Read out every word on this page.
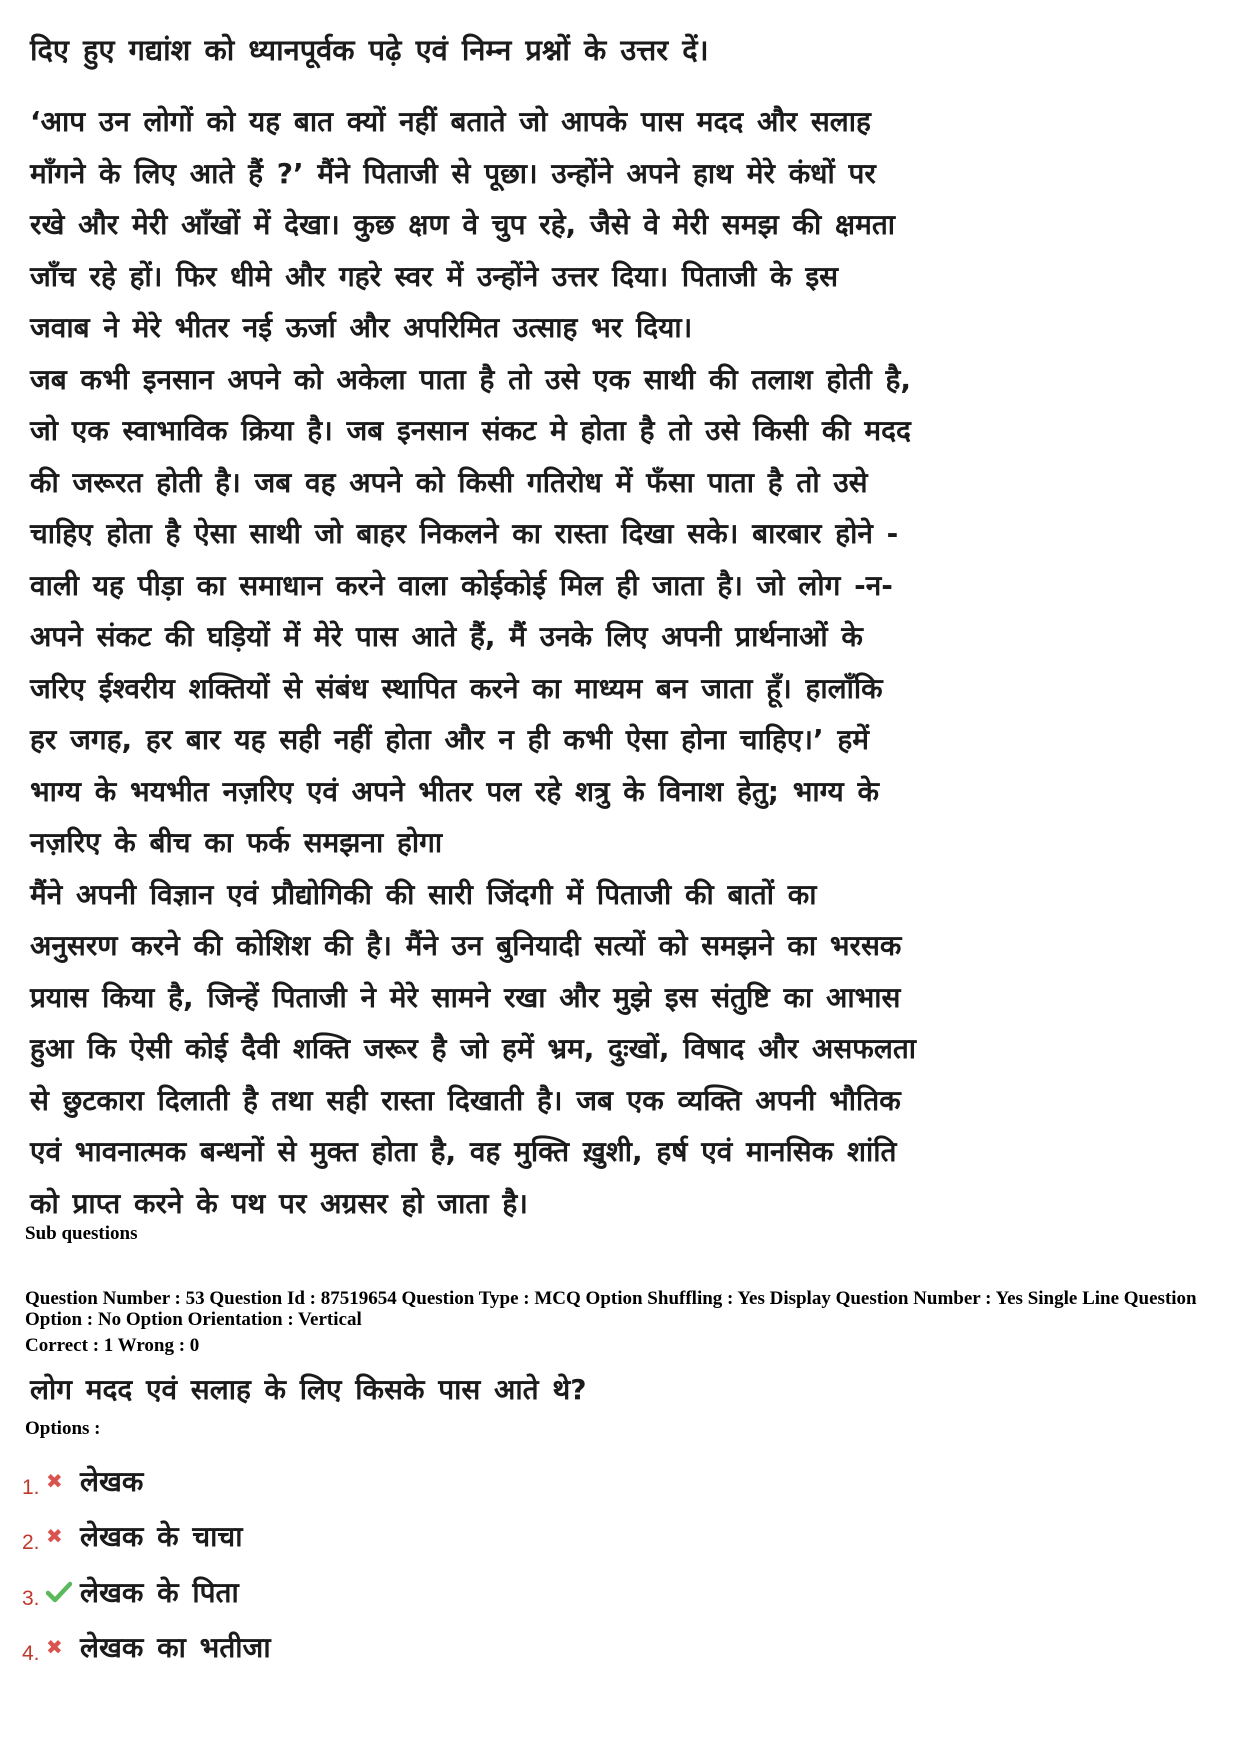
दिए हुए गद्यांश को ध्यानपूर्वक पढ़े एवं निम्न प्रश्नों के उत्तर दें।
‘आप उन लोगों को यह बात क्यों नहीं बताते जो आपके पास मदद और सलाह
माँगने के लिए आते हैं ?’ मैंने पिताजी से पूछा। उन्होंने अपने हाथ मेरे कंधों पर
रखे और मेरी आँखों में देखा। कुछ क्षण वे चुप रहे, जैसे वे मेरी समझ की क्षमता
जाँच रहे हों। फिर धीमे और गहरे स्वर में उन्होंने उत्तर दिया। पिताजी के इस
जवाब ने मेरे भीतर नई ऊर्जा और अपरिमित उत्साह भर दिया।
जब कभी इनसान अपने को अकेला पाता है तो उसे एक साथी की तलाश होती है,
जो एक स्वाभाविक क्रिया है। जब इनसान संकट मे होता है तो उसे किसी की मदद
की जरूरत होती है। जब वह अपने को किसी गतिरोध में फँसा पाता है तो उसे
चाहिए होता है ऐसा साथी जो बाहर निकलने का रास्ता दिखा सके। बारबार होने -
वाली यह पीड़ा का समाधान करने वाला कोईकोई मिल ही जाता है। जो लोग -न-
अपने संकट की घड़ियों में मेरे पास आते हैं, मैं उनके लिए अपनी प्रार्थनाओं के
जरिए ईश्वरीय शक्तियों से संबंध स्थापित करने का माध्यम बन जाता हूँ। हालाँकि
हर जगह, हर बार यह सही नहीं होता और न ही कभी ऐसा होना चाहिए।’ हमें
भाग्य के भयभीत नज़रिए एवं अपने भीतर पल रहे शत्रु के विनाश हेतु; भाग्य के
नज़रिए के बीच का फर्क समझना होगा
मैंने अपनी विज्ञान एवं प्रौद्योगिकी की सारी जिंदगी में पिताजी की बातों का
अनुसरण करने की कोशिश की है। मैंने उन बुनियादी सत्यों को समझने का भरसक
प्रयास किया है, जिन्हें पिताजी ने मेरे सामने रखा और मुझे इस संतुष्टि का आभास
हुआ कि ऐसी कोई दैवी शक्ति जरूर है जो हमें भ्रम, दुःखों, विषाद और असफलता
से छुटकारा दिलाती है तथा सही रास्ता दिखाती है। जब एक व्यक्ति अपनी भौतिक
एवं भावनात्मक बन्धनों से मुक्त होता है, वह मुक्ति ख़ुशी, हर्ष एवं मानसिक शांति
को प्राप्त करने के पथ पर अग्रसर हो जाता है।
Sub questions
Question Number : 53 Question Id : 87519654 Question Type : MCQ Option Shuffling : Yes Display Question Number : Yes Single Line Question Option : No Option Orientation : Vertical
Correct : 1 Wrong : 0
लोग मदद एवं सलाह के लिए किसके पास आते थे?
Options :
1. ✖ लेखक
2. ✖ लेखक के चाचा
3. लेखक के पिता
4. ✖ लेखक का भतीजा
